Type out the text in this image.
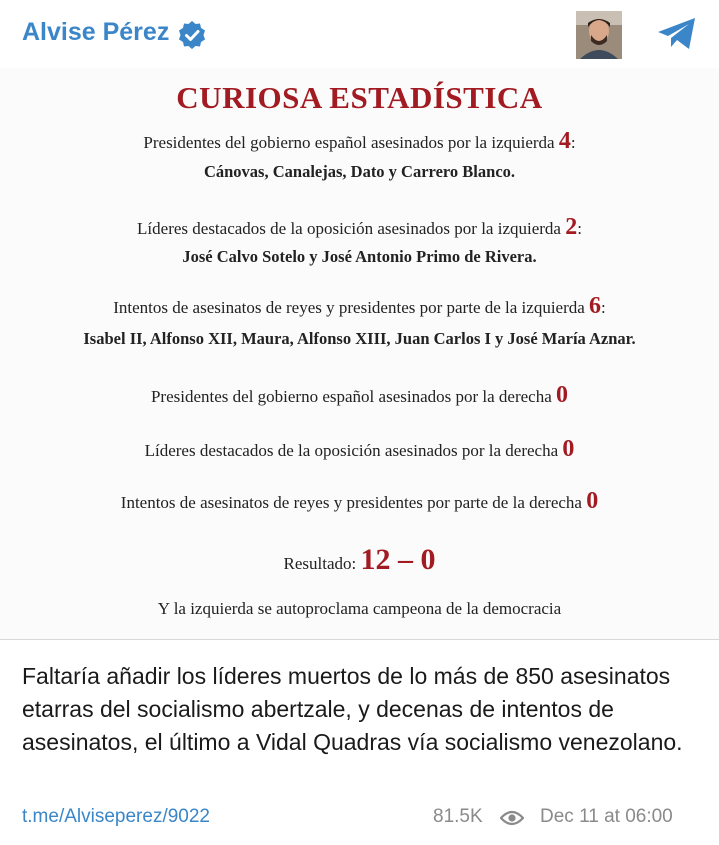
Alvise Pérez
CURIOSA ESTADÍSTICA
Presidentes del gobierno español asesinados por la izquierda 4:
Cánovas, Canalejas, Dato y Carrero Blanco.
Líderes destacados de la oposición asesinados por la izquierda 2:
José Calvo Sotelo y José Antonio Primo de Rivera.
Intentos de asesinatos de reyes y presidentes por parte de la izquierda 6:
Isabel II, Alfonso XII, Maura, Alfonso XIII, Juan Carlos I y José María Aznar.
Presidentes del gobierno español asesinados por la derecha 0
Líderes destacados de la oposición asesinados por la derecha 0
Intentos de asesinatos de reyes y presidentes por parte de la derecha 0
Resultado: 12 – 0
Y la izquierda se autoproclama campeona de la democracia
Faltaría añadir los líderes muertos de lo más de 850 asesinatos etarras del socialismo abertzale, y decenas de intentos de asesinatos, el último a Vidal Quadras vía socialismo venezolano.
t.me/Alviseperez/9022	81.5K	Dec 11 at 06:00
